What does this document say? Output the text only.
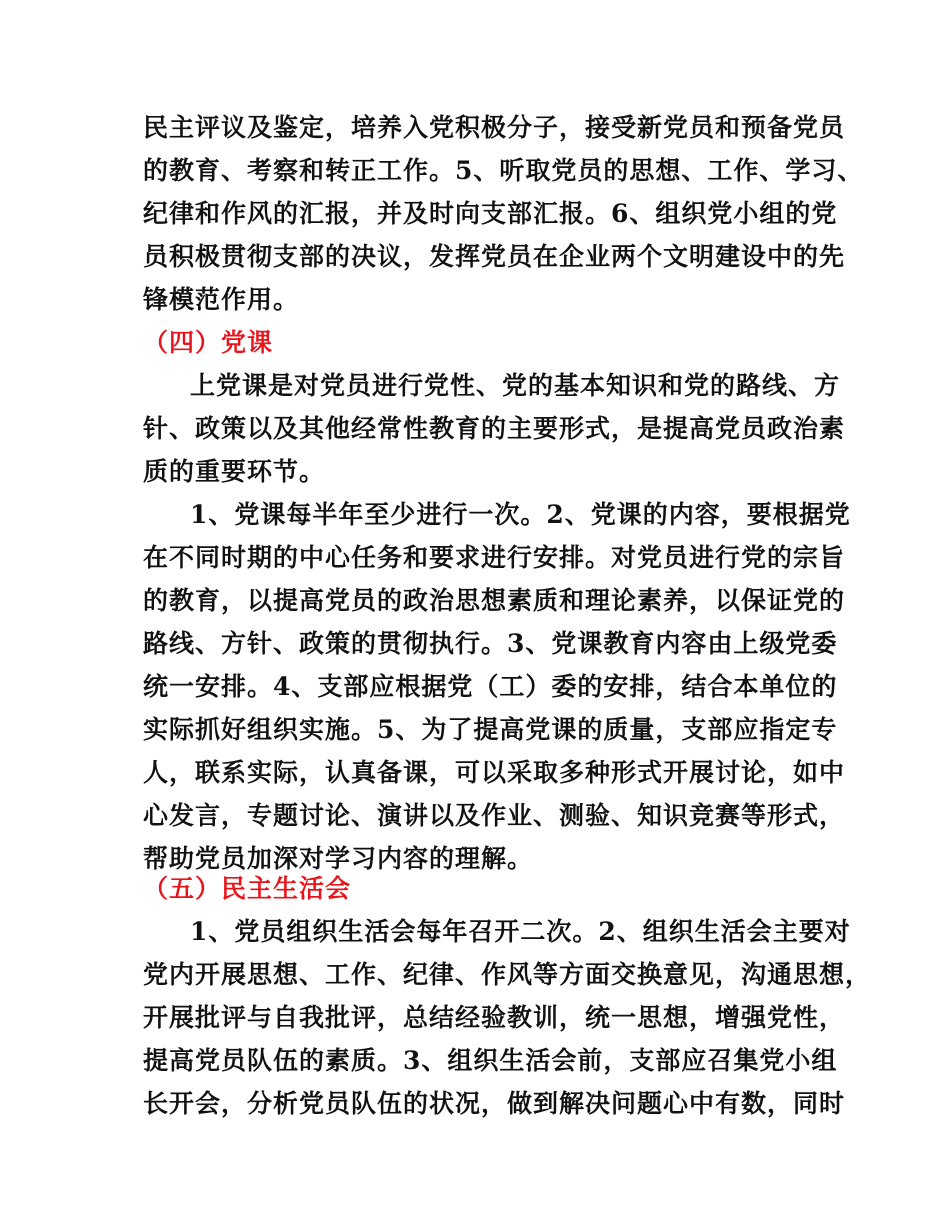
民主评议及鉴定，培养入党积极分子，接受新党员和预备党员
的教育、考察和转正工作。5、听取党员的思想、工作、学习、
纪律和作风的汇报，并及时向支部汇报。6、组织党小组的党
员积极贯彻支部的决议，发挥党员在企业两个文明建设中的先
锋模范作用。
（四）党课
上党课是对党员进行党性、党的基本知识和党的路线、方
针、政策以及其他经常性教育的主要形式，是提高党员政治素
质的重要环节。
1、党课每半年至少进行一次。2、党课的内容，要根据党
在不同时期的中心任务和要求进行安排。对党员进行党的宗旨
的教育，以提高党员的政治思想素质和理论素养，以保证党的
路线、方针、政策的贯彻执行。3、党课教育内容由上级党委
统一安排。4、支部应根据党（工）委的安排，结合本单位的
实际抓好组织实施。5、为了提高党课的质量，支部应指定专
人，联系实际，认真备课，可以采取多种形式开展讨论，如中
心发言，专题讨论、演讲以及作业、测验、知识竞赛等形式，
帮助党员加深对学习内容的理解。
（五）民主生活会
1、党员组织生活会每年召开二次。2、组织生活会主要对
党内开展思想、工作、纪律、作风等方面交换意见，沟通思想，
开展批评与自我批评，总结经验教训，统一思想，增强党性，
提高党员队伍的素质。3、组织生活会前，支部应召集党小组
长开会，分析党员队伍的状况，做到解决问题心中有数，同时
